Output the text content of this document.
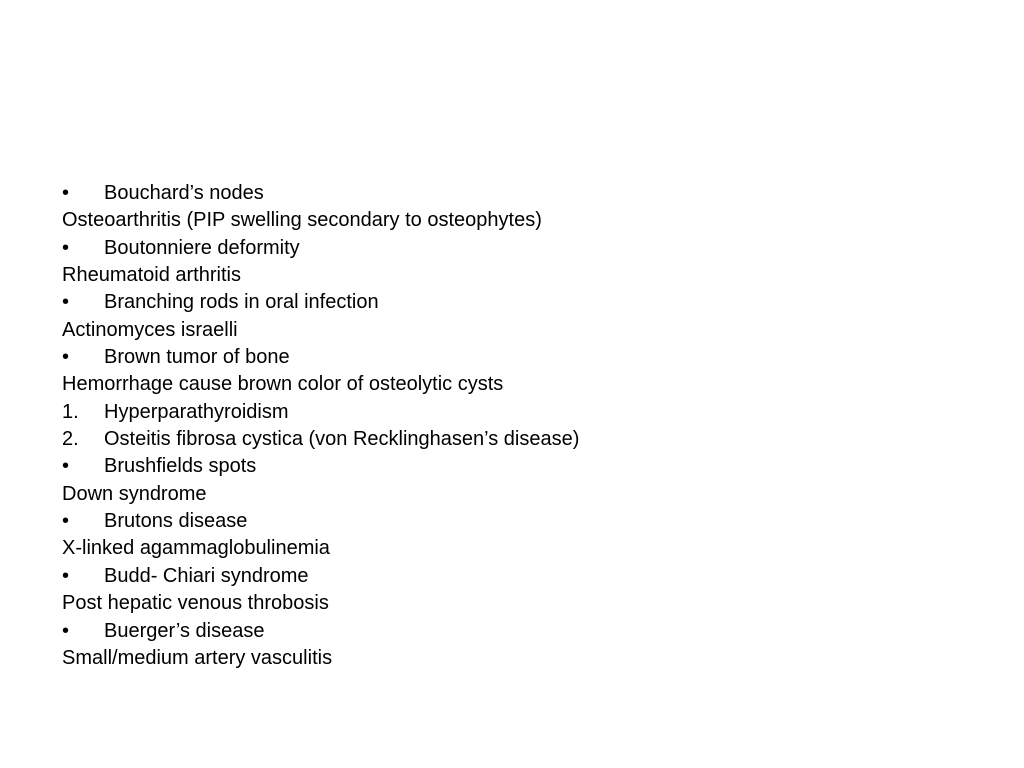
• Bouchard’s nodes
Osteoarthritis (PIP swelling secondary to osteophytes)
• Boutonniere deformity
Rheumatoid arthritis
• Branching rods in oral infection
Actinomyces israelli
• Brown tumor of bone
Hemorrhage cause brown color of osteolytic cysts
1. Hyperparathyroidism
2. Osteitis fibrosa cystica (von Recklinghasen’s disease)
• Brushfields spots
Down syndrome
• Brutons disease
X-linked agammaglobulinemia
• Budd- Chiari syndrome
Post hepatic venous throbosis
• Buerger’s disease
Small/medium artery vasculitis
